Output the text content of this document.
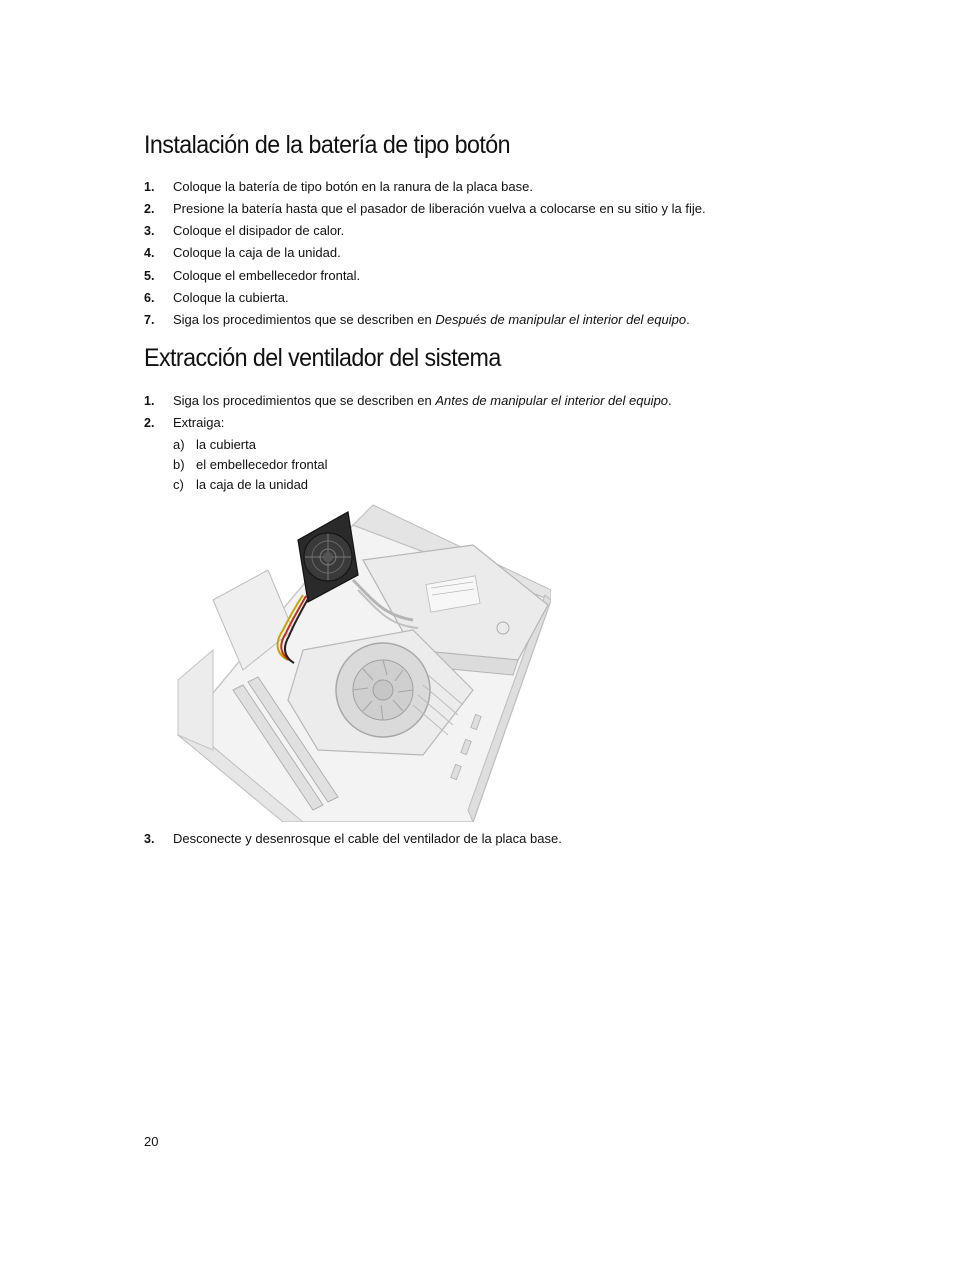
Instalación de la batería de tipo botón
1. Coloque la batería de tipo botón en la ranura de la placa base.
2. Presione la batería hasta que el pasador de liberación vuelva a colocarse en su sitio y la fije.
3. Coloque el disipador de calor.
4. Coloque la caja de la unidad.
5. Coloque el embellecedor frontal.
6. Coloque la cubierta.
7. Siga los procedimientos que se describen en Después de manipular el interior del equipo.
Extracción del ventilador del sistema
1. Siga los procedimientos que se describen en Antes de manipular el interior del equipo.
2. Extraiga:
a) la cubierta
b) el embellecedor frontal
c) la caja de la unidad
3. Desconecte y desenrosque el cable del ventilador de la placa base.
20
